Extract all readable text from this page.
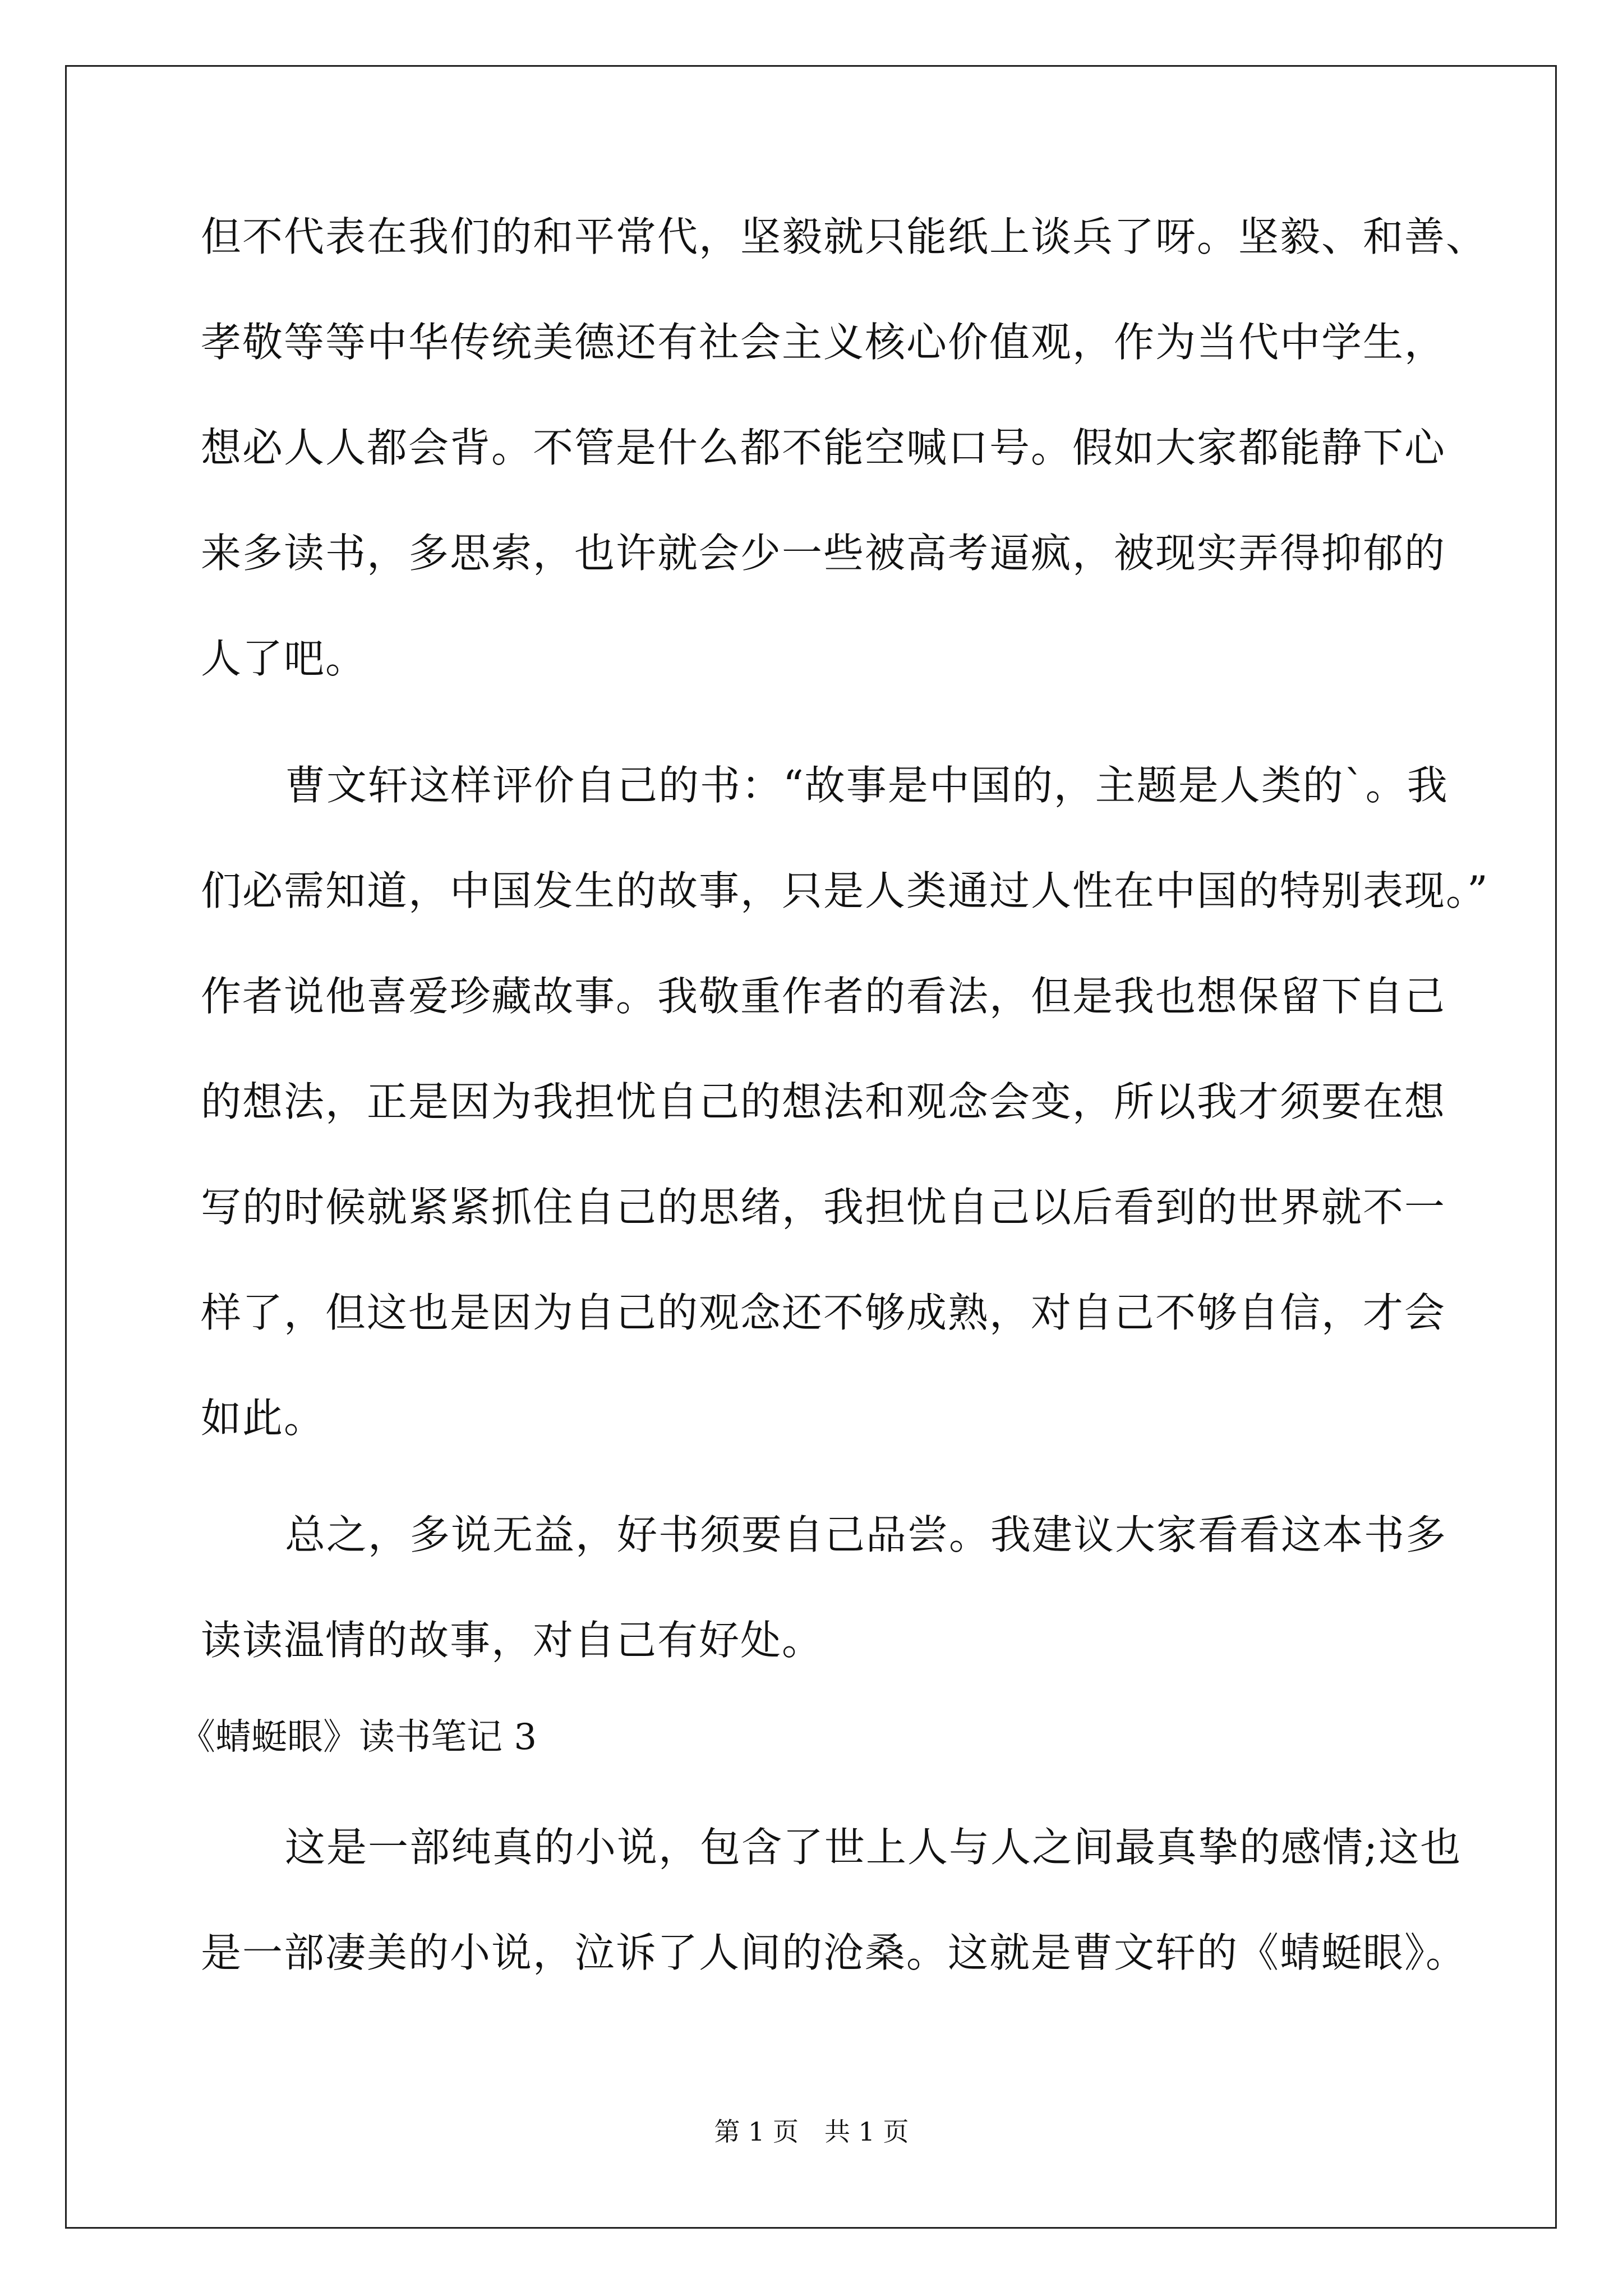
但不代表在我们的和平常代，坚毅就只能纸上谈兵了呀。坚毅、和善、
孝敬等等中华传统美德还有社会主义核心价值观，作为当代中学生，
想必人人都会背。不管是什么都不能空喊口号。假如大家都能静下心
来多读书，多思索，也许就会少一些被高考逼疯，被现实弄得抑郁的
人了吧。
曹文轩这样评价自己的书：“故事是中国的，主题是人类的`。我
们必需知道，中国发生的故事，只是人类通过人性在中国的特别表现。”
作者说他喜爱珍藏故事。我敬重作者的看法，但是我也想保留下自己
的想法，正是因为我担忧自己的想法和观念会变，所以我才须要在想
写的时候就紧紧抓住自己的思绪，我担忧自己以后看到的世界就不一
样了，但这也是因为自己的观念还不够成熟，对自己不够自信，才会
如此。
总之，多说无益，好书须要自己品尝。我建议大家看看这本书多
读读温情的故事，对自己有好处。
《蜻蜓眼》读书笔记 3
这是一部纯真的小说，包含了世上人与人之间最真挚的感情;这也
是一部凄美的小说，泣诉了人间的沧桑。这就是曹文轩的《蜻蜓眼》。
第 1 页　共 1 页
